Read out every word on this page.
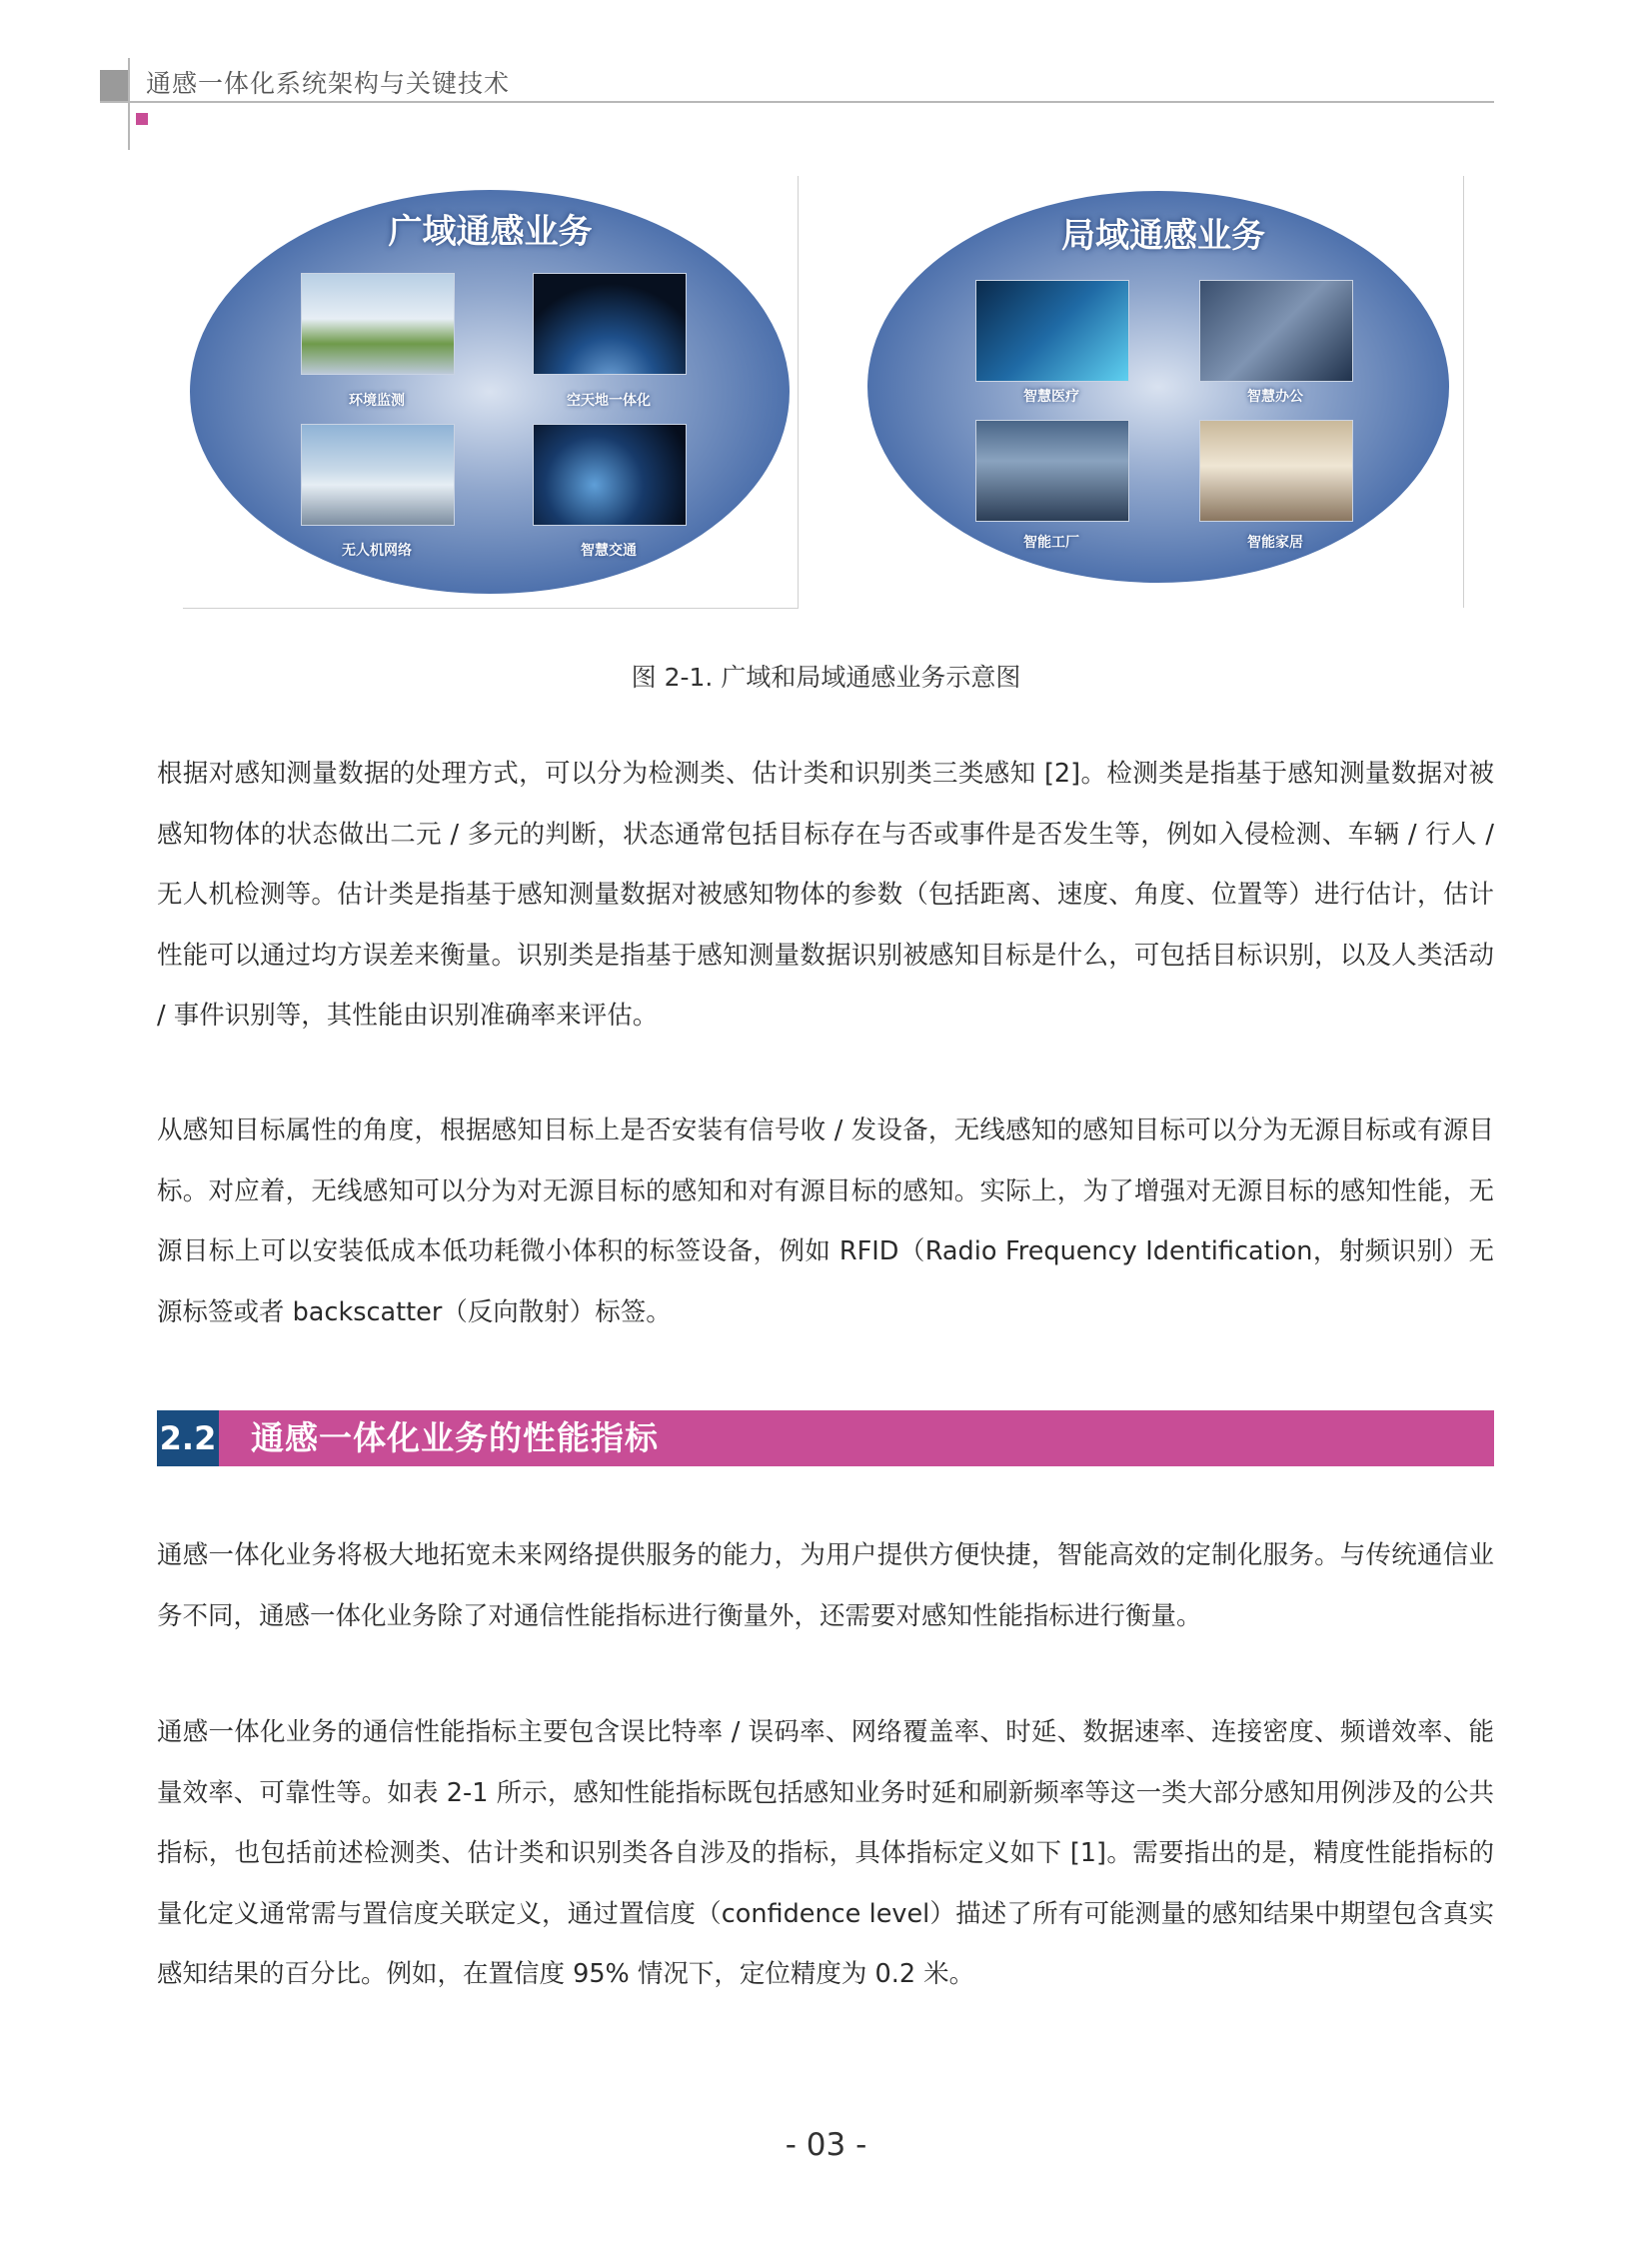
通感一体化系统架构与关键技术
广域通感业务
环境监测	空天地一体化
无人机网络	智慧交通
局域通感业务
智慧医疗	智慧办公
智能工厂	智能家居
图 2-1. 广域和局域通感业务示意图
根据对感知测量数据的处理方式，可以分为检测类、估计类和识别类三类感知 [2]。检测类是指基于感知测量数据对被感知物体的状态做出二元 / 多元的判断，状态通常包括目标存在与否或事件是否发生等，例如入侵检测、车辆 / 行人 / 无人机检测等。估计类是指基于感知测量数据对被感知物体的参数（包括距离、速度、角度、位置等）进行估计，估计性能可以通过均方误差来衡量。识别类是指基于感知测量数据识别被感知目标是什么，可包括目标识别，以及人类活动 / 事件识别等，其性能由识别准确率来评估。
从感知目标属性的角度，根据感知目标上是否安装有信号收 / 发设备，无线感知的感知目标可以分为无源目标或有源目标。对应着，无线感知可以分为对无源目标的感知和对有源目标的感知。实际上，为了增强对无源目标的感知性能，无源目标上可以安装低成本低功耗微小体积的标签设备，例如 RFID（Radio Frequency Identification，射频识别）无源标签或者 backscatter（反向散射）标签。
2.2 通感一体化业务的性能指标
通感一体化业务将极大地拓宽未来网络提供服务的能力，为用户提供方便快捷，智能高效的定制化服务。与传统通信业务不同，通感一体化业务除了对通信性能指标进行衡量外，还需要对感知性能指标进行衡量。
通感一体化业务的通信性能指标主要包含误比特率 / 误码率、网络覆盖率、时延、数据速率、连接密度、频谱效率、能量效率、可靠性等。如表 2-1 所示，感知性能指标既包括感知业务时延和刷新频率等这一类大部分感知用例涉及的公共指标，也包括前述检测类、估计类和识别类各自涉及的指标，具体指标定义如下 [1]。需要指出的是，精度性能指标的量化定义通常需与置信度关联定义，通过置信度（confidence level）描述了所有可能测量的感知结果中期望包含真实感知结果的百分比。例如，在置信度 95% 情况下，定位精度为 0.2 米。
- 03 -
